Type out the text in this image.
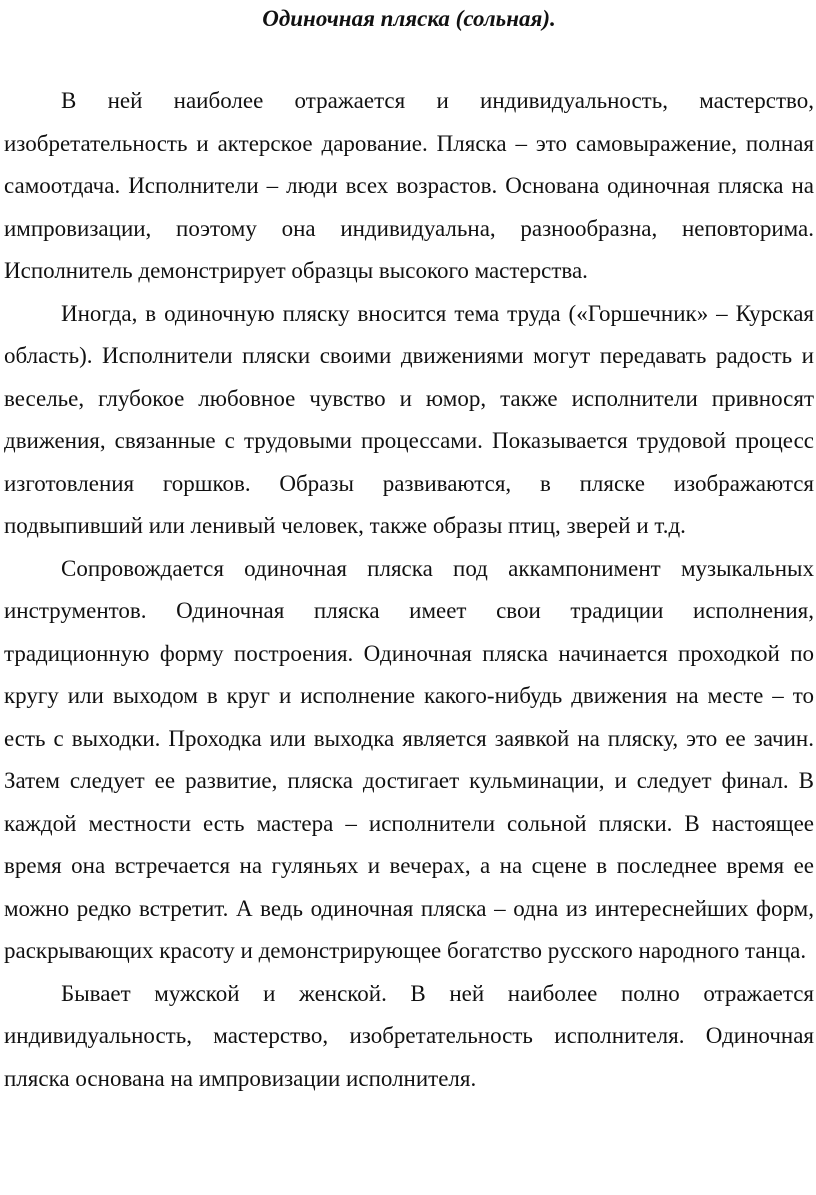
Одиночная пляска (сольная).

В ней наиболее отражается и индивидуальность, мастерство, изобретательность и актерское дарование. Пляска – это самовыражение, полная самоотдача. Исполнители – люди всех возрастов. Основана одиночная пляска на импровизации, поэтому она индивидуальна, разнообразна, неповторима. Исполнитель демонстрирует образцы высокого мастерства.

Иногда, в одиночную пляску вносится тема труда («Горшечник» – Курская область). Исполнители пляски своими движениями могут передавать радость и веселье, глубокое любовное чувство и юмор, также исполнители привносят движения, связанные с трудовыми процессами. Показывается трудовой процесс изготовления горшков. Образы развиваются, в пляске изображаются подвыпивший или ленивый человек, также образы птиц, зверей и т.д.

Сопровождается одиночная пляска под аккампонимент музыкальных инструментов. Одиночная пляска имеет свои традиции исполнения, традиционную форму построения. Одиночная пляска начинается проходкой по кругу или выходом в круг и исполнение какого-нибудь движения на месте – то есть с выходки. Проходка или выходка является заявкой на пляску, это ее зачин. Затем следует ее развитие, пляска достигает кульминации, и следует финал. В каждой местности есть мастера – исполнители сольной пляски. В настоящее время она встречается на гуляньях и вечерах, а на сцене в последнее время ее можно редко встретит. А ведь одиночная пляска – одна из интереснейших форм, раскрывающих красоту и демонстрирующее богатство русского народного танца.

Бывает мужской и женской. В ней наиболее полно отражается индивидуальность, мастерство, изобретательность исполнителя. Одиночная пляска основана на импровизации исполнителя.
